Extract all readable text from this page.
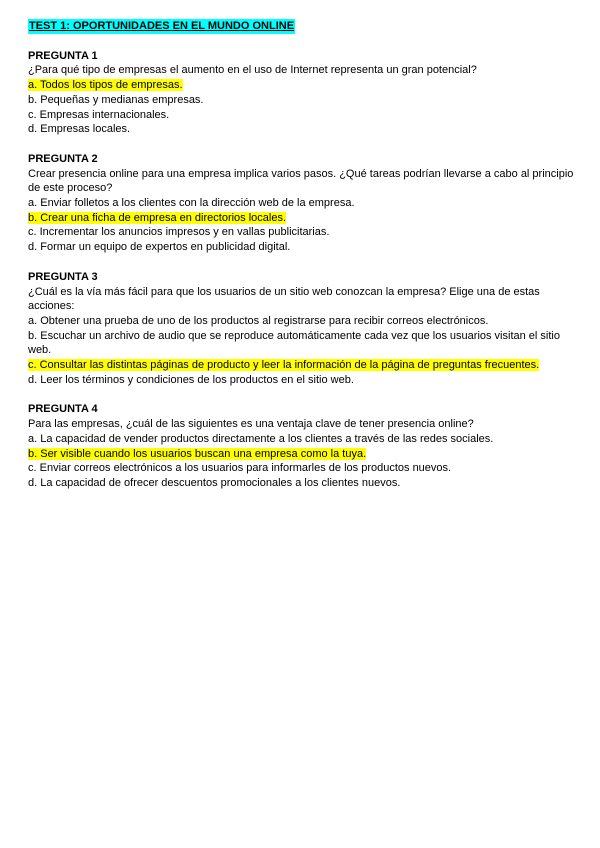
TEST 1: OPORTUNIDADES EN EL MUNDO ONLINE

PREGUNTA 1

¿Para qué tipo de empresas el aumento en el uso de Internet representa un gran potencial?

a. Todos los tipos de empresas.

b. Pequeñas y medianas empresas.

c. Empresas internacionales.

d. Empresas locales.

PREGUNTA 2

Crear presencia online para una empresa implica varios pasos. ¿Qué tareas podrían llevarse a cabo al principio de este proceso?

a. Enviar folletos a los clientes con la dirección web de la empresa.

b. Crear una ficha de empresa en directorios locales.

c. Incrementar los anuncios impresos y en vallas publicitarias.

d. Formar un equipo de expertos en publicidad digital.

PREGUNTA 3

¿Cuál es la vía más fácil para que los usuarios de un sitio web conozcan la empresa? Elige una de estas acciones:

a. Obtener una prueba de uno de los productos al registrarse para recibir correos electrónicos.

b. Escuchar un archivo de audio que se reproduce automáticamente cada vez que los usuarios visitan el sitio web.

c. Consultar las distintas páginas de producto y leer la información de la página de preguntas frecuentes.

d. Leer los términos y condiciones de los productos en el sitio web.

PREGUNTA 4

Para las empresas, ¿cuál de las siguientes es una ventaja clave de tener presencia online?

a. La capacidad de vender productos directamente a los clientes a través de las redes sociales.

b. Ser visible cuando los usuarios buscan una empresa como la tuya.

c. Enviar correos electrónicos a los usuarios para informarles de los productos nuevos.

d. La capacidad de ofrecer descuentos promocionales a los clientes nuevos.
